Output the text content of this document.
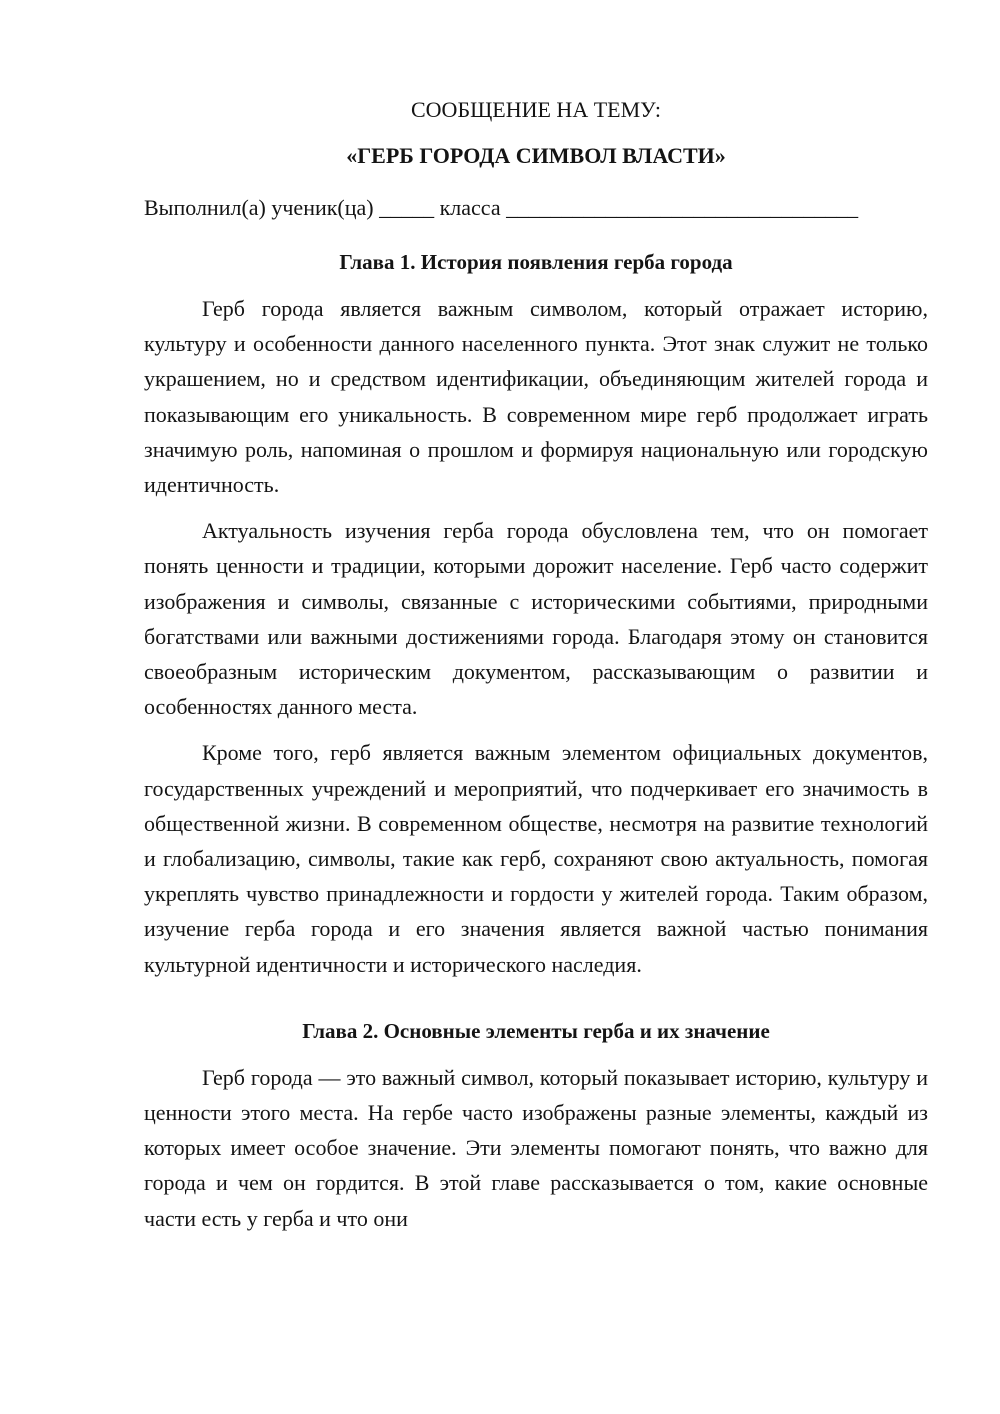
СООБЩЕНИЕ НА ТЕМУ:

«ГЕРБ ГОРОДА СИМВОЛ ВЛАСТИ»

Выполнил(а) ученик(ца) _____ класса ________________________________

Глава 1. История появления герба города

Герб города является важным символом, который отражает историю, культуру и особенности данного населенного пункта. Этот знак служит не только украшением, но и средством идентификации, объединяющим жителей города и показывающим его уникальность. В современном мире герб продолжает играть значимую роль, напоминая о прошлом и формируя национальную или городскую идентичность.

Актуальность изучения герба города обусловлена тем, что он помогает понять ценности и традиции, которыми дорожит население. Герб часто содержит изображения и символы, связанные с историческими событиями, природными богатствами или важными достижениями города. Благодаря этому он становится своеобразным историческим документом, рассказывающим о развитии и особенностях данного места.

Кроме того, герб является важным элементом официальных документов, государственных учреждений и мероприятий, что подчеркивает его значимость в общественной жизни. В современном обществе, несмотря на развитие технологий и глобализацию, символы, такие как герб, сохраняют свою актуальность, помогая укреплять чувство принадлежности и гордости у жителей города. Таким образом, изучение герба города и его значения является важной частью понимания культурной идентичности и исторического наследия.

Глава 2. Основные элементы герба и их значение

Герб города — это важный символ, который показывает историю, культуру и ценности этого места. На гербе часто изображены разные элементы, каждый из которых имеет особое значение. Эти элементы помогают понять, что важно для города и чем он гордится. В этой главе рассказывается о том, какие основные части есть у герба и что они
